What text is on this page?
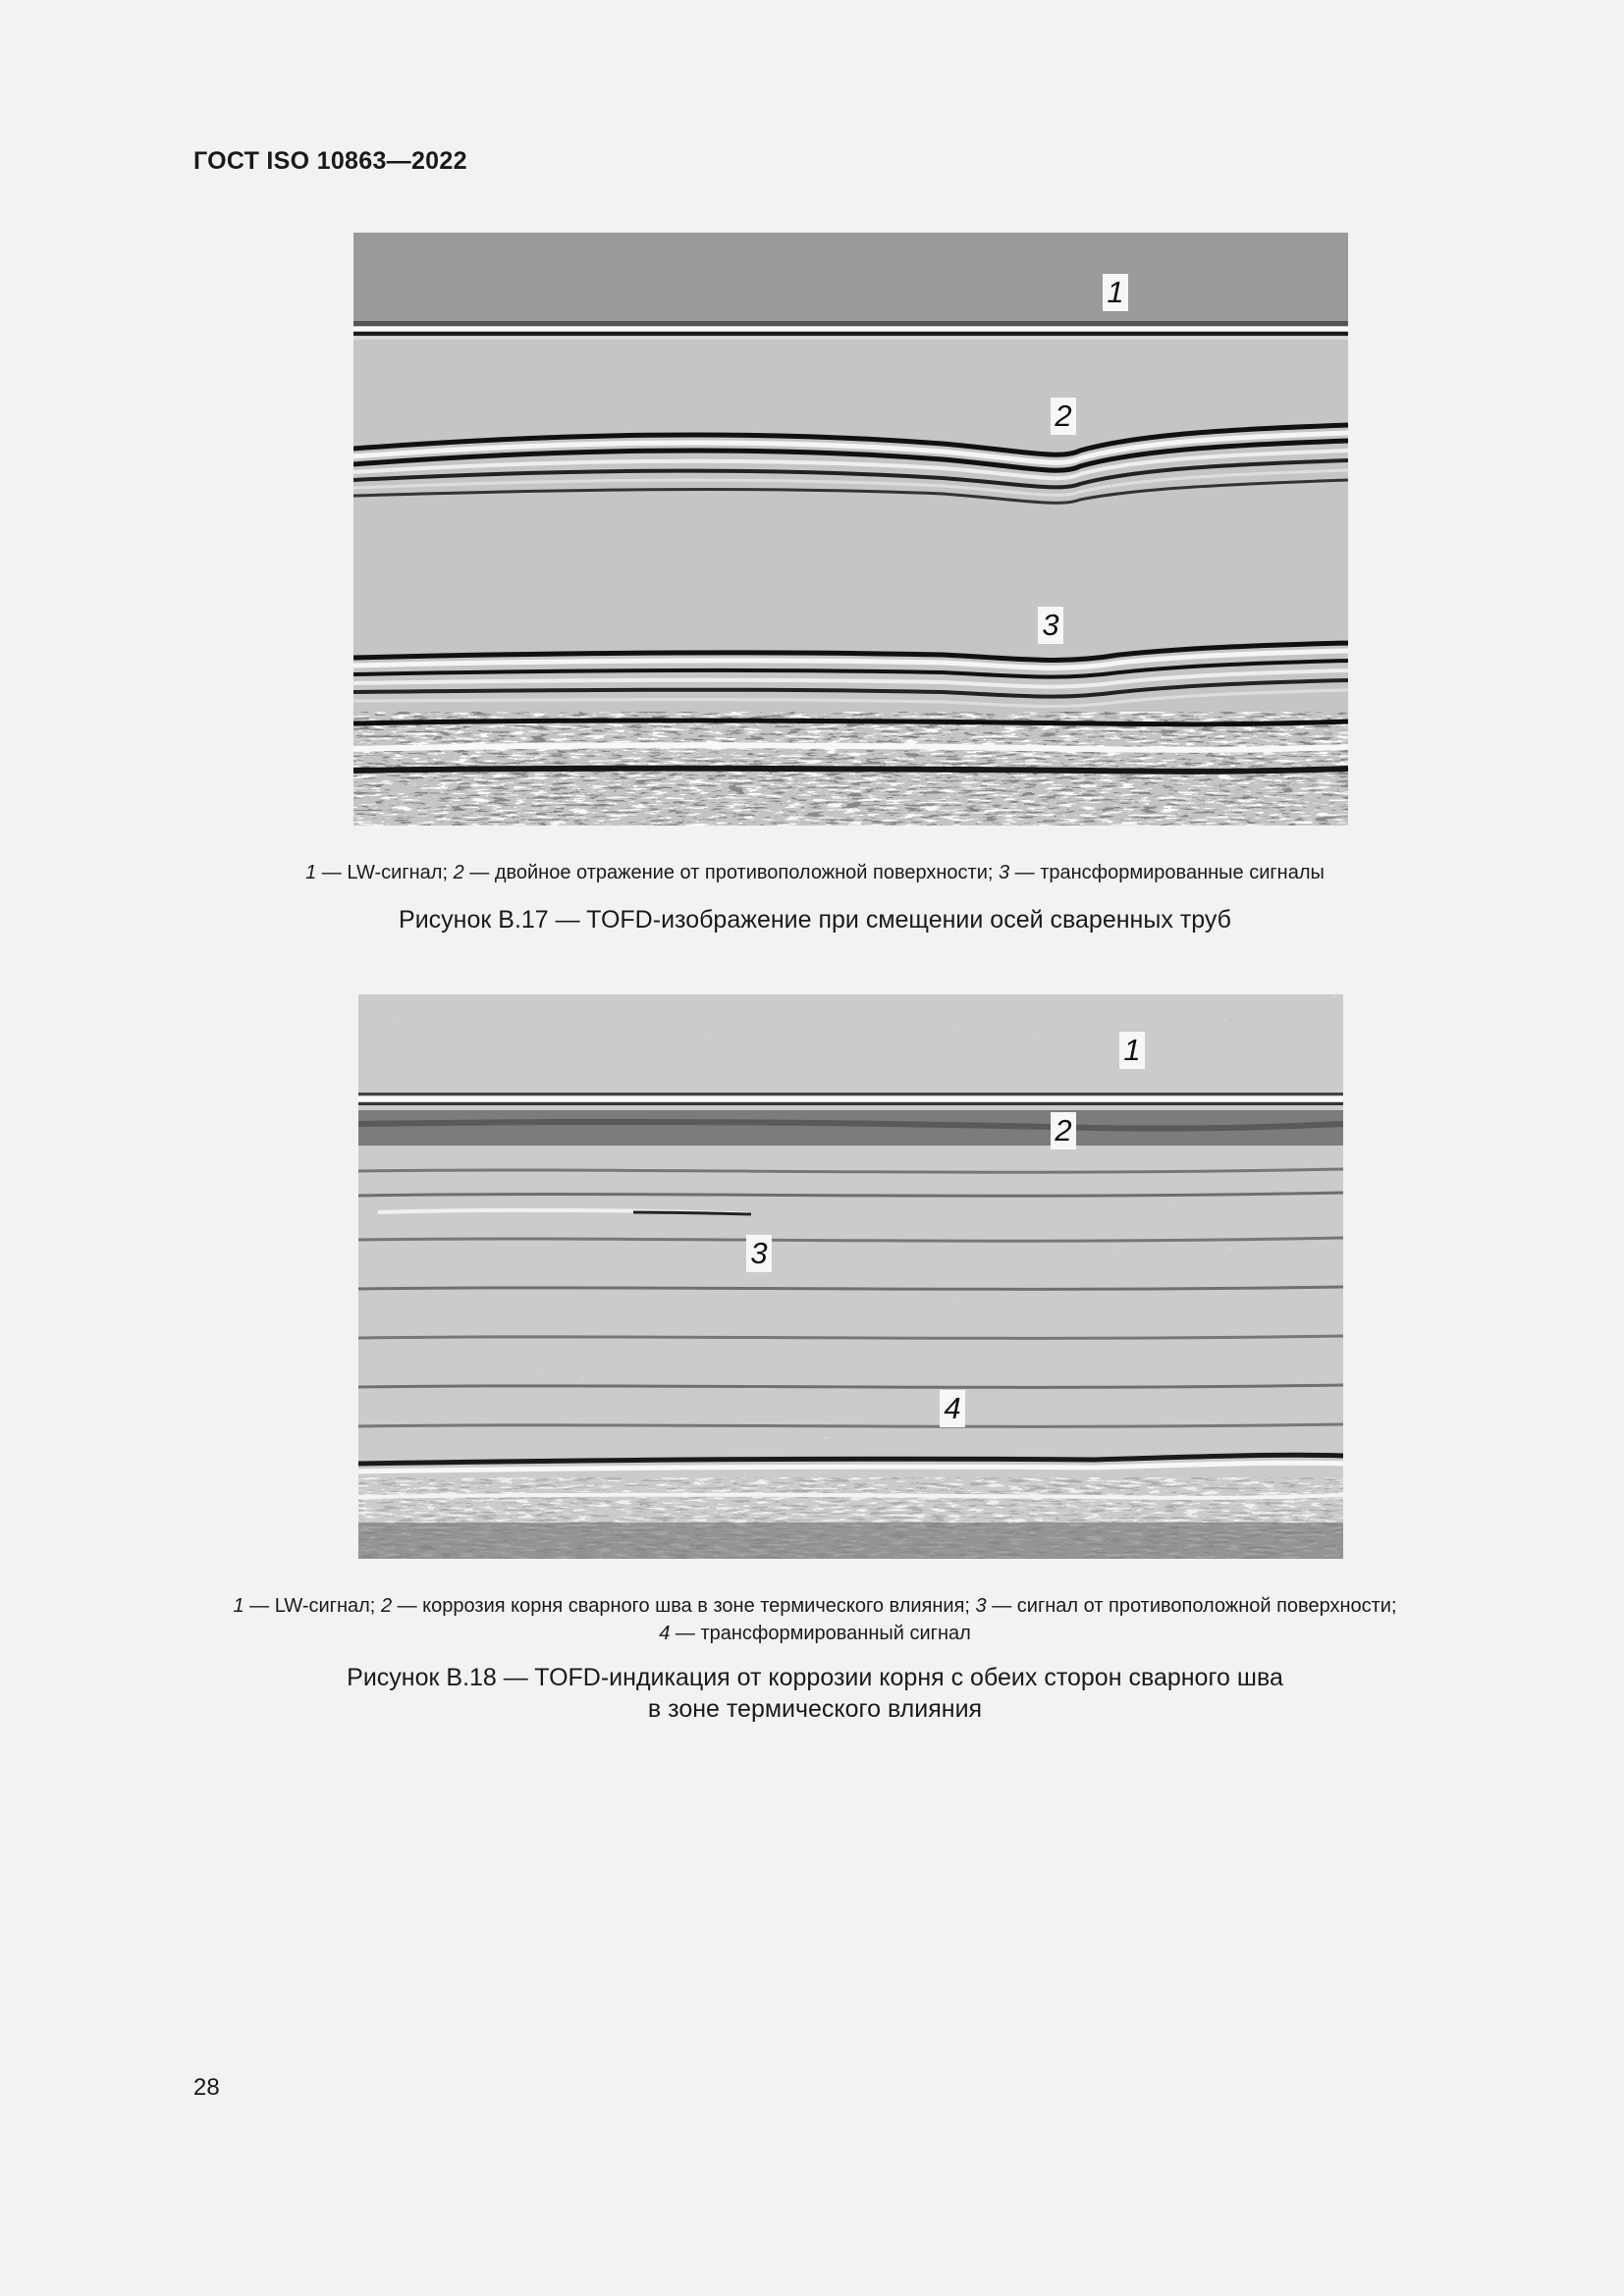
ГОСТ ISO 10863—2022
1
2
3
1 — LW-сигнал; 2 — двойное отражение от противоположной поверхности; 3 — трансформированные сигналы
Рисунок B.17 — TOFD-изображение при смещении осей сваренных труб
1
2
3
4
1 — LW-сигнал; 2 — коррозия корня сварного шва в зоне термического влияния; 3 — сигнал от противоположной поверхности;
4 — трансформированный сигнал
Рисунок B.18 — TOFD-индикация от коррозии корня с обеих сторон сварного шва
в зоне термического влияния
28
